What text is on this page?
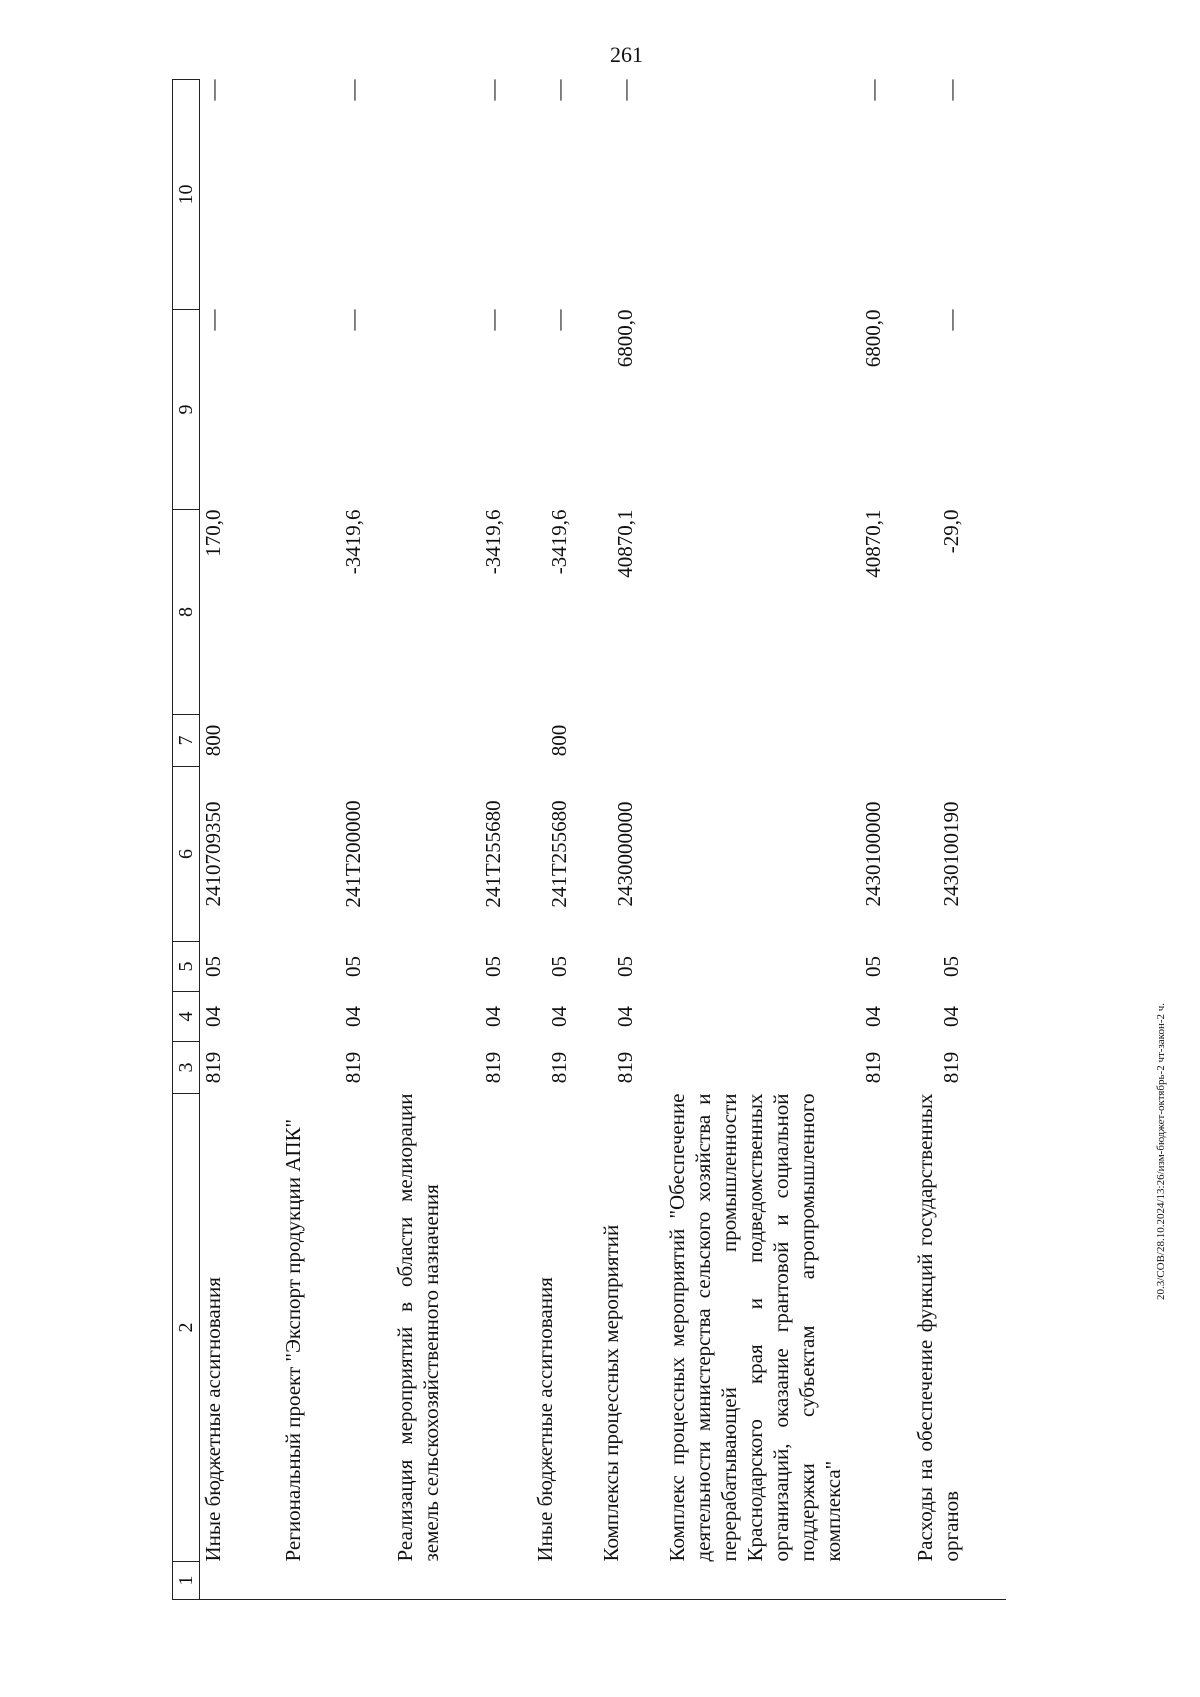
261
1	2	3	4	5	6	7	8	9	10
	Иные бюджетные ассигнования	819	04	05	2410709350	800	170,0	—	—
	Региональный проект "Экспорт продукции АПК"	819	04	05	241Т200000		-3419,6	—	—
	Реализация мероприятий в области мелиорации земель сельскохозяйственного назначения	819	04	05	241Т255680		-3419,6	—	—
	Иные бюджетные ассигнования	819	04	05	241Т255680	800	-3419,6	—	—
	Комплексы процессных мероприятий	819	04	05	2430000000		40870,1	6800,0	—
	Комплекс процессных мероприятий "Обеспечение деятельности министерства сельского хозяйства и перерабатывающей промышленности Краснодарского края и подведомственных организаций, оказание грантовой и социальной поддержки субъектам агропромышленного комплекса"	819	04	05	2430100000		40870,1	6800,0	—
	Расходы на обеспечение функций государственных органов	819	04	05	2430100190		-29,0	—	—
20.3/СОВ/28.10.2024/13:26/изм-бюджет-октябрь-2 чт-закон-2 ч.
